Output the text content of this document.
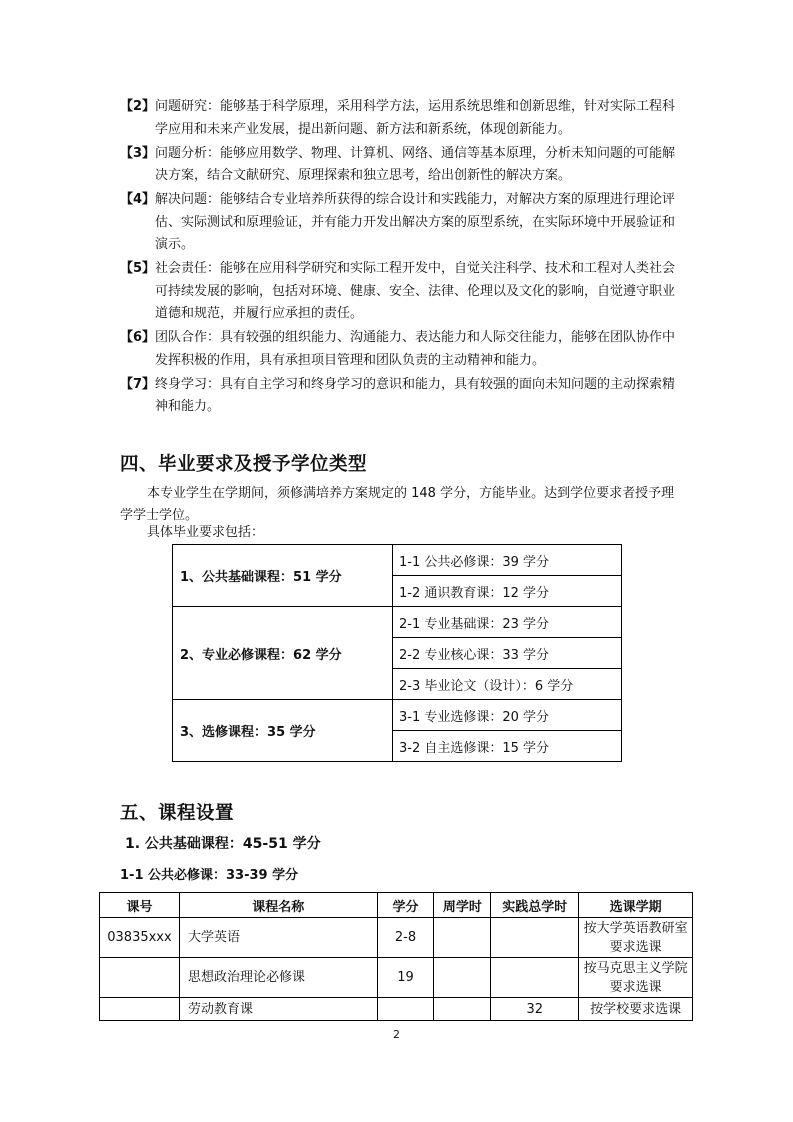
【2】 问题研究：能够基于科学原理，采用科学方法，运用系统思维和创新思维，针对实际工程科学应用和未来产业发展，提出新问题、新方法和新系统，体现创新能力。
【3】 问题分析：能够应用数学、物理、计算机、网络、通信等基本原理，分析未知问题的可能解决方案，结合文献研究、原理探索和独立思考，给出创新性的解决方案。
【4】 解决问题：能够结合专业培养所获得的综合设计和实践能力，对解决方案的原理进行理论评估、实际测试和原理验证，并有能力开发出解决方案的原型系统，在实际环境中开展验证和演示。
【5】 社会责任：能够在应用科学研究和实际工程开发中，自觉关注科学、技术和工程对人类社会可持续发展的影响，包括对环境、健康、安全、法律、伦理以及文化的影响，自觉遵守职业道德和规范，并履行应承担的责任。
【6】 团队合作：具有较强的组织能力、沟通能力、表达能力和人际交往能力，能够在团队协作中发挥积极的作用，具有承担项目管理和团队负责的主动精神和能力。
【7】 终身学习：具有自主学习和终身学习的意识和能力，具有较强的面向未知问题的主动探索精神和能力。
四、毕业要求及授予学位类型
本专业学生在学期间，须修满培养方案规定的 148 学分，方能毕业。达到学位要求者授予理学学士学位。
具体毕业要求包括：
1、公共基础课程：51 学分	1-1 公共必修课：39 学分
	1-2 通识教育课：12 学分
2、专业必修课程：62 学分	2-1 专业基础课：23 学分
	2-2 专业核心课：33 学分
	2-3 毕业论文（设计）：6 学分
3、选修课程：35 学分	3-1 专业选修课：20 学分
	3-2 自主选修课：15 学分
五、课程设置
1. 公共基础课程：45-51 学分
1-1 公共必修课：33-39 学分
课号	课程名称	学分	周学时	实践总学时	选课学期
03835xxx	大学英语	2-8			按大学英语教研室要求选课
	思想政治理论必修课	19			按马克思主义学院要求选课
	劳动教育课			32	按学校要求选课
2
